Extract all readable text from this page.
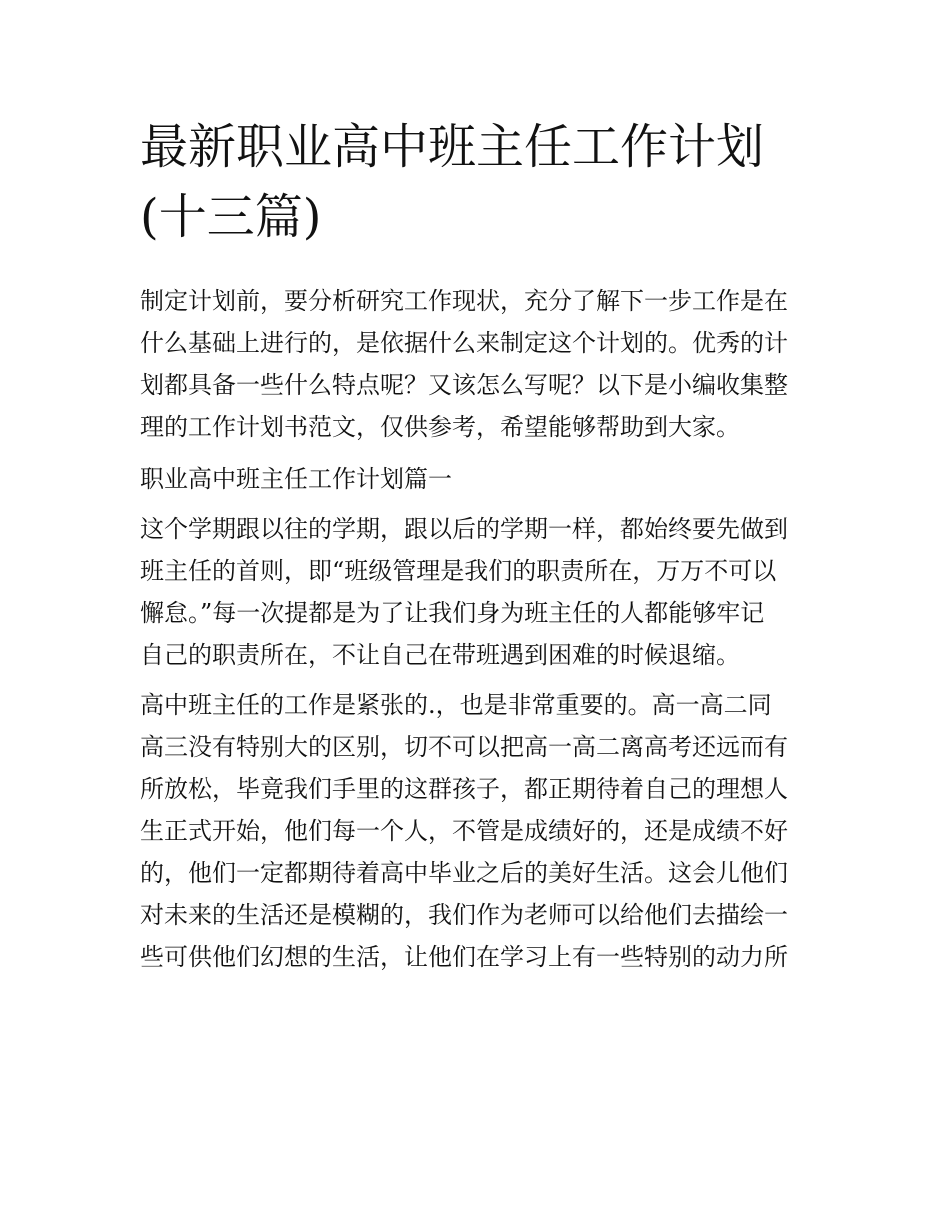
最新职业高中班主任工作计划
(十三篇)
制定计划前，要分析研究工作现状，充分了解下一步工作是在
什么基础上进行的，是依据什么来制定这个计划的。优秀的计
划都具备一些什么特点呢？又该怎么写呢？以下是小编收集整
理的工作计划书范文，仅供参考，希望能够帮助到大家。
职业高中班主任工作计划篇一
这个学期跟以往的学期，跟以后的学期一样，都始终要先做到
班主任的首则，即“班级管理是我们的职责所在，万万不可以
懈怠。”每一次提都是为了让我们身为班主任的人都能够牢记
自己的职责所在，不让自己在带班遇到困难的时候退缩。
高中班主任的工作是紧张的.，也是非常重要的。高一高二同
高三没有特别大的区别，切不可以把高一高二离高考还远而有
所放松，毕竟我们手里的这群孩子，都正期待着自己的理想人
生正式开始，他们每一个人，不管是成绩好的，还是成绩不好
的，他们一定都期待着高中毕业之后的美好生活。这会儿他们
对未来的生活还是模糊的，我们作为老师可以给他们去描绘一
些可供他们幻想的生活，让他们在学习上有一些特别的动力所
